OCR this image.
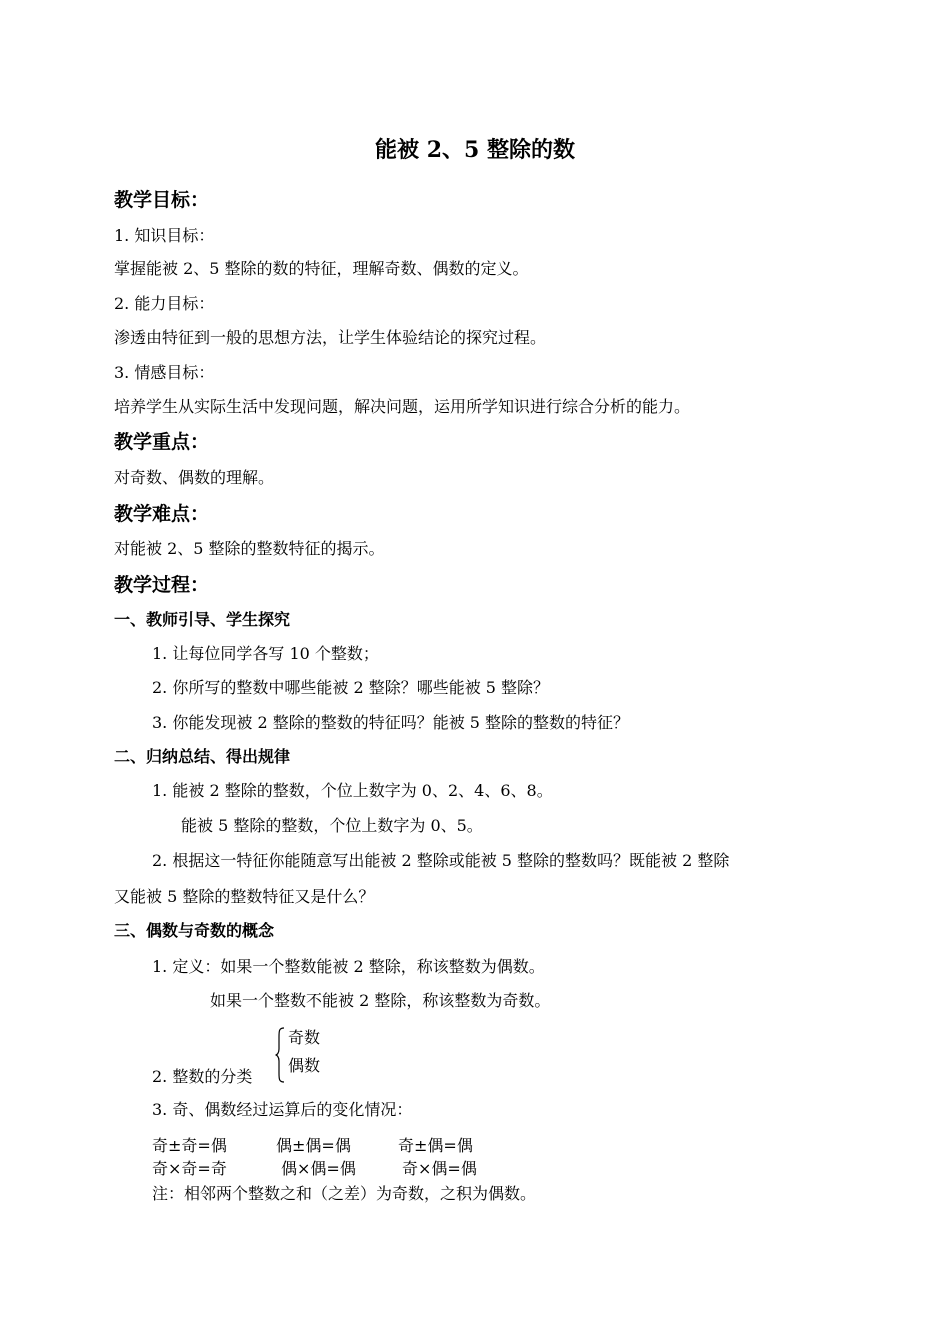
能被 2、5 整除的数
教学目标：
1. 知识目标：
掌握能被 2、5 整除的数的特征，理解奇数、偶数的定义。
2. 能力目标：
渗透由特征到一般的思想方法，让学生体验结论的探究过程。
3. 情感目标：
培养学生从实际生活中发现问题，解决问题，运用所学知识进行综合分析的能力。
教学重点：
对奇数、偶数的理解。
教学难点：
对能被 2、5 整除的整数特征的揭示。
教学过程：
一、教师引导、学生探究
1. 让每位同学各写 10 个整数；
2. 你所写的整数中哪些能被 2 整除？哪些能被 5 整除？
3. 你能发现被 2 整除的整数的特征吗？能被 5 整除的整数的特征？
二、归纳总结、得出规律
1. 能被 2 整除的整数，个位上数字为 0、2、4、6、8。
能被 5 整除的整数，个位上数字为 0、5。
2. 根据这一特征你能随意写出能被 2 整除或能被 5 整除的整数吗？既能被 2 整除
又能被 5 整除的整数特征又是什么？
三、偶数与奇数的概念
1. 定义：如果一个整数能被 2 整除，称该整数为偶数。
如果一个整数不能被 2 整除，称该整数为奇数。
奇数
偶数
2. 整数的分类
3. 奇、偶数经过运算后的变化情况：
奇±奇=偶	偶±偶=偶	奇±偶=偶
奇×奇=奇	偶×偶=偶	奇×偶=偶
注：相邻两个整数之和（之差）为奇数，之积为偶数。
